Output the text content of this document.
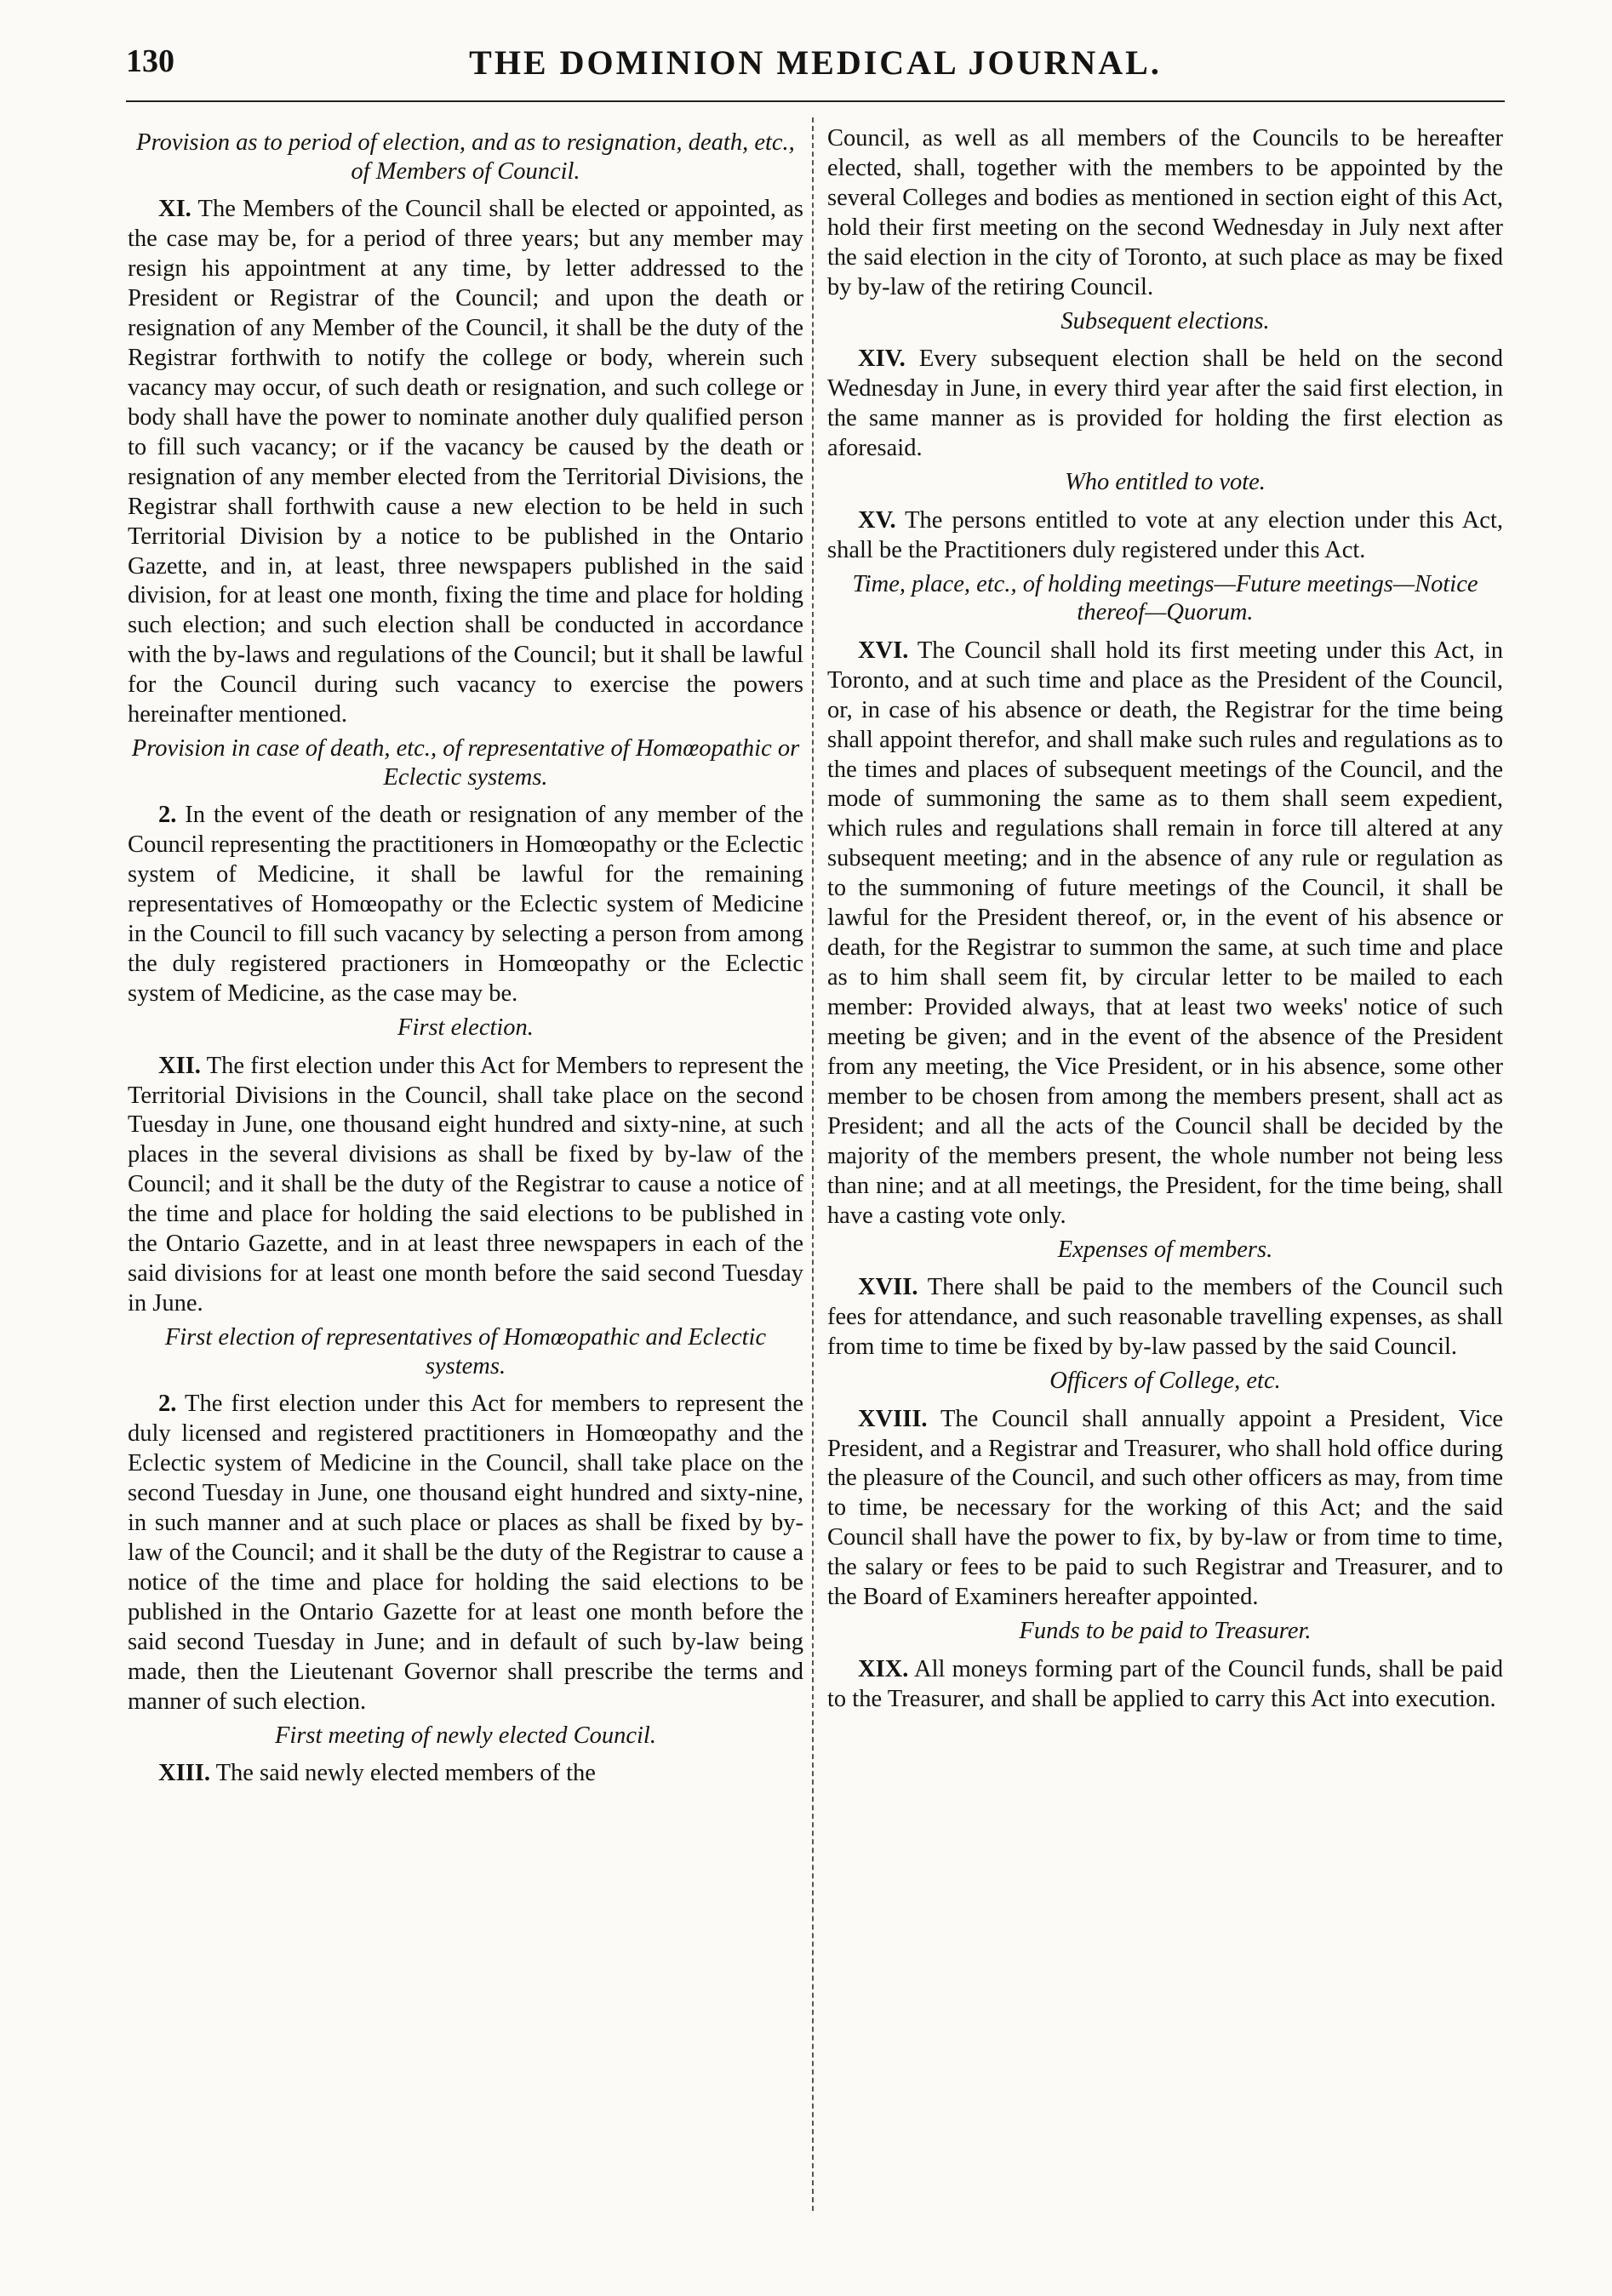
130	THE DOMINION MEDICAL JOURNAL.
Provision as to period of election, and as to resignation, death, etc., of Members of Council.

XI. The Members of the Council shall be elected or appointed, as the case may be, for a period of three years; but any member may resign his appointment at any time, by letter addressed to the President or Registrar of the Council; and upon the death or resignation of any Member of the Council, it shall be the duty of the Registrar forthwith to notify the college or body, wherein such vacancy may occur, of such death or resignation, and such college or body shall have the power to nominate another duly qualified person to fill such vacancy; or if the vacancy be caused by the death or resignation of any member elected from the Territorial Divisions, the Registrar shall forthwith cause a new election to be held in such Territorial Division by a notice to be published in the Ontario Gazette, and in, at least, three newspapers published in the said division, for at least one month, fixing the time and place for holding such election; and such election shall be conducted in accordance with the by-laws and regulations of the Council; but it shall be lawful for the Council during such vacancy to exercise the powers hereinafter mentioned.

Provision in case of death, etc., of representative of Homœopathic or Eclectic systems.

2. In the event of the death or resignation of any member of the Council representing the practitioners in Homœopathy or the Eclectic system of Medicine, it shall be lawful for the remaining representatives of Homœopathy or the Eclectic system of Medicine in the Council to fill such vacancy by selecting a person from among the duly registered practioners in Homœopathy or the Eclectic system of Medicine, as the case may be.

First election.

XII. The first election under this Act for Members to represent the Territorial Divisions in the Council, shall take place on the second Tuesday in June, one thousand eight hundred and sixty-nine, at such places in the several divisions as shall be fixed by by-law of the Council; and it shall be the duty of the Registrar to cause a notice of the time and place for holding the said elections to be published in the Ontario Gazette, and in at least three newspapers in each of the said divisions for at least one month before the said second Tuesday in June.

First election of representatives of Homœopathic and Eclectic systems.

2. The first election under this Act for members to represent the duly licensed and registered practitioners in Homœopathy and the Eclectic system of Medicine in the Council, shall take place on the second Tuesday in June, one thousand eight hundred and sixty-nine, in such manner and at such place or places as shall be fixed by by-law of the Council; and it shall be the duty of the Registrar to cause a notice of the time and place for holding the said elections to be published in the Ontario Gazette for at least one month before the said second Tuesday in June; and in default of such by-law being made, then the Lieutenant Governor shall prescribe the terms and manner of such election.

First meeting of newly elected Council.

XIII. The said newly elected members of the

Council, as well as all members of the Councils to be hereafter elected, shall, together with the members to be appointed by the several Colleges and bodies as mentioned in section eight of this Act, hold their first meeting on the second Wednesday in July next after the said election in the city of Toronto, at such place as may be fixed by by-law of the retiring Council.

Subsequent elections.

XIV. Every subsequent election shall be held on the second Wednesday in June, in every third year after the said first election, in the same manner as is provided for holding the first election as aforesaid.

Who entitled to vote.

XV. The persons entitled to vote at any election under this Act, shall be the Practitioners duly registered under this Act.

Time, place, etc., of holding meetings—Future meetings—Notice thereof—Quorum.

XVI. The Council shall hold its first meeting under this Act, in Toronto, and at such time and place as the President of the Council, or, in case of his absence or death, the Registrar for the time being shall appoint therefor, and shall make such rules and regulations as to the times and places of subsequent meetings of the Council, and the mode of summoning the same as to them shall seem expedient, which rules and regulations shall remain in force till altered at any subsequent meeting; and in the absence of any rule or regulation as to the summoning of future meetings of the Council, it shall be lawful for the President thereof, or, in the event of his absence or death, for the Registrar to summon the same, at such time and place as to him shall seem fit, by circular letter to be mailed to each member: Provided always, that at least two weeks' notice of such meeting be given; and in the event of the absence of the President from any meeting, the Vice President, or in his absence, some other member to be chosen from among the members present, shall act as President; and all the acts of the Council shall be decided by the majority of the members present, the whole number not being less than nine; and at all meetings, the President, for the time being, shall have a casting vote only.

Expenses of members.

XVII. There shall be paid to the members of the Council such fees for attendance, and such reasonable travelling expenses, as shall from time to time be fixed by by-law passed by the said Council.

Officers of College, etc.

XVIII. The Council shall annually appoint a President, Vice President, and a Registrar and Treasurer, who shall hold office during the pleasure of the Council, and such other officers as may, from time to time, be necessary for the working of this Act; and the said Council shall have the power to fix, by by-law or from time to time, the salary or fees to be paid to such Registrar and Treasurer, and to the Board of Examiners hereafter appointed.

Funds to be paid to Treasurer.

XIX. All moneys forming part of the Council funds, shall be paid to the Treasurer, and shall be applied to carry this Act into execution.
